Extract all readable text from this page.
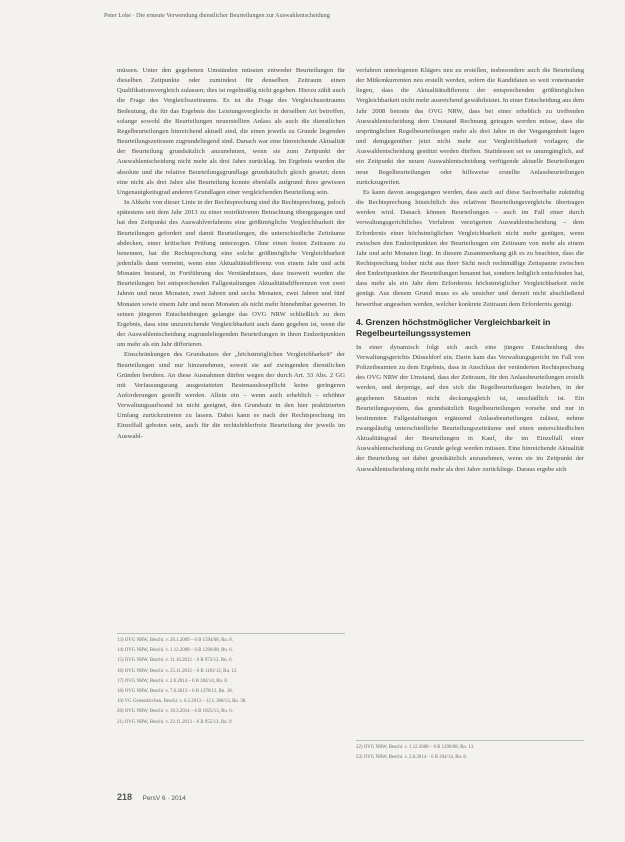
Peter Lohe · Die erneute Verwendung dienstlicher Beurteilungen zur Auswahlentscheidung

müssen. Unter den gegebenen Umständen müssten entweder Beurteilungen für dieselben Zeitpunkte oder zumindest für denselben Zeitraum einen Qualifikationsvergleich zulassen; dies ist regelmäßig nicht gegeben. Hierzu zählt auch die Frage des Vergleichszeitraums. Es ist die Frage des Vergleichszeitraums Bedeutung, die für das Ergebnis des Leistungsvergleichs in derselben Art betroffen, solange sowohl die Beurteilungen neuerstellten Anlass als auch die dienstlichen Regelbeurteilungen hinreichend aktuell sind, die einen jeweils zu Grunde liegenden Beurteilungszeitraum zugrundeliegend sind. Danach war eine hinreichende Aktualität der Beurteilung grundsätzlich anzunehmen, wenn sie zum Zeitpunkt der Auswahlentscheidung nicht mehr als drei Jahre zurücklag. Im Ergebnis wurden die absolute und die relative Beurteilungsgrundlage grundsätzlich gleich gesetzt; denn eine nicht als drei Jahre alte Beurteilung konnte ebenfalls aufgrund ihres gewissen Ungenauigkeitsgrad anderen Grundlagen einer vergleichenden Beurteilung sein.

In Abkehr von dieser Linie in der Rechtsprechung sind die Rechtsprechung, jedoch spätestens seit dem Jahr 2013 zu einer restriktiveren Betrachtung übergegangen und hat den Zeitpunkt des Auswahlverfahrens eine größtmögliche Vergleichbarkeit der Beurteilungen gefordert und damit Beurteilungen, die unterschiedliche Zeiträume abdecken, einer kritischen Prüfung unterzogen. Ohne einen festen Zeitraum zu benennen, hat die Rechtsprechung eine solche größtmögliche Vergleichbarkeit jedenfalls dann verneint, wenn eine Aktualitätsdifferenz von einem Jahr und acht Monaten bestand, in Fortführung des Verständnisses, dass insoweit wurden die Beurteilungen bei entsprechenden Fallgestaltungen Aktualitätsdifferenzen von zwei Jahren und neun Monaten, zwei Jahren und sechs Monaten, zwei Jahren und fünf Monaten sowie einem Jahr und neun Monaten als nicht mehr hinnehmbar gewertet. In seinen jüngeren Entscheidungen gelangte das OVG NRW schließlich zu dem Ergebnis, dass eine unzureichende Vergleichbarkeit auch dann gegeben ist, wenn die der Auswahlentscheidung zugrundeliegenden Beurteilungen in ihren Endzeitpunkten um mehr als ein Jahr differieren.

Einschränkungen des Grundsatzes der „höchstmöglichen Vergleichbarkeit“ der Beurteilungen sind nur hinzunehmen, soweit sie auf zwingenden dienstlichen Gründen beruhen. An diese Ausnahmen dürfen wegen der durch Art. 33 Abs. 2 GG mit Verfassungsrang ausgestatteten Bestenauslesepflicht keine geringeren Anforderungen gestellt werden. Allein ein – wenn auch erheblich – erhöhter Verwaltungsaufwand ist nicht geeignet, den Grundsatz in den hier praktizierten Umfang zurückzutreten zu lassen. Dabei kann es nach der Rechtsprechung im Einzelfall geboten sein, auch für die rechtsfehlerfreie Beurteilung der jeweils im Auswahl-

verfahren unterlegenen Klägers neu zu erstellen, insbesondere auch die Beurteilung der Mitkonkurrenten neu erstellt werden, sofern die Kandidaten so weit voneinander liegen, dass die Aktualitätsdifferenz der entsprechenden größtmöglichen Vergleichbarkeit nicht mehr ausreichend gewährleistet. In einer Entscheidung aus dem Jahr 2008 betonte das OVG NRW, dass bei einer erheblich zu treffenden Auswahlentscheidung dem Umstand Rechnung getragen werden müsse, dass die ursprünglichen Regelbeurteilungen mehr als drei Jahre in der Vergangenheit lagen und demgegenüber jetzt nicht mehr zur Vergleichbarkeit vorlagen; die Auswahlentscheidung gestützt werden dürften. Stattdessen sei es unumgänglich, auf ein Zeitpunkt der neuen Auswahlentscheidung verfügende aktuelle Beurteilungen neue Regelbeurteilungen oder hilfsweise erstellte Anlassbeurteilungen zurückzugreifen.

Es kann davon ausgegangen werden, dass auch auf diese Sachverhalte zukünftig die Rechtsprechung hinsichtlich des relativen Beurteilungsvergleichs übertragen werden wird. Danach können Beurteilungen – auch im Fall einer durch verwaltungsgerichtliches Verfahren verzögerten Auswahlentscheidung – dem Erfordernis einer höchstmöglichen Vergleichbarkeit nicht mehr genügen, wenn zwischen den Endzeitpunkten der Beurteilungen ein Zeitraum von mehr als einem Jahr und acht Monaten liegt. In diesem Zusammenhang gilt es zu beachten, dass die Rechtsprechung bisher nicht aus ihrer Sicht noch rechtmäßige Zeitspanne zwischen den Endzeitpunkten der Beurteilungen benannt hat, sondern lediglich entschieden hat, dass mehr als ein Jahr dem Erfordernis höchstmöglicher Vergleichbarkeit nicht genügt. Aus diesem Grund muss es als unsicher und derzeit nicht abschließend bewertbar angesehen werden, welcher konkrete Zeitraum dem Erfordernis genügt.

4. Grenzen höchstmöglicher Vergleichbarkeit in Regelbeurteilungssystemen

In einer dynamisch folgt sich auch eine jüngere Entscheidung des Verwaltungsgerichts Düsseldorf ein. Darin kam das Verwaltungsgericht im Fall von Polizeibeamten zu dem Ergebnis, dass in Anschluss der veränderten Rechtsprechung des OVG NRW der Umstand, dass der Zeitraum, für den Anlassbeurteilungen erstellt werden, und derjenige, auf den sich die Regelbeurteilungen beziehen, in der gegebenen Situation nicht deckungsgleich ist, unschädlich ist. Ein Beurteilungssystem, das grundsätzlich Regelbeurteilungen vorsehe und nur in bestimmten Fallgestaltungen ergänzend Anlassbeurteilungen zulässt, nehme zwangsläufig unterschiedliche Beurteilungszeiträume und einen unterschiedlichen Aktualitätsgrad der Beurteilungen in Kauf, die im Einzelfall einer Auswahlentscheidung zu Grunde gelegt werden müssen. Eine hinreichende Aktualität der Beurteilung sei dabei grundsätzlich anzunehmen, wenn sie im Zeitpunkt der Auswahlentscheidung nicht mehr als drei Jahre zurückliege. Daraus ergebe sich

13) OVG NRW, Beschl. v. 26.1.2009 – 6 B 1594/08, Rn. 8.
14) OVG NRW, Beschl. v. 1.12.2008 – 6 B 1290/08, Rn. 6.
15) OVG NRW, Beschl. v. 11.10.2012 – 6 B 973/12, Rn. 6.
16) OVG NRW, Beschl. v. 25.11.2012 – 6 B 1181/12, Rn. 12.
17) OVG NRW, Beschl. v. 2.6.2014 – 6 B 394/14, Rn. 8.
18) OVG NRW, Beschl. v. 7.6.2013 – 6 B 1378/13, Rn. 18.
19) VG Gelsenkirchen, Beschl. v. 6.5.2013 – 12 L 388/13, Rn. 38.
20) OVG NRW, Beschl. v. 10.3.2014 – 6 B 1025/13, Rn. 6.
21) OVG NRW, Beschl. v. 22.11.2013 – 6 B 955/13, Rn. 9.
22) OVG NRW, Beschl. v. 1.12.2008 – 6 B 1290/08, Rn. 13.
23) OVG NRW, Beschl. v. 2.6.2014 – 6 B 394/14, Rn. 8.
218 PersV 6 · 2014
